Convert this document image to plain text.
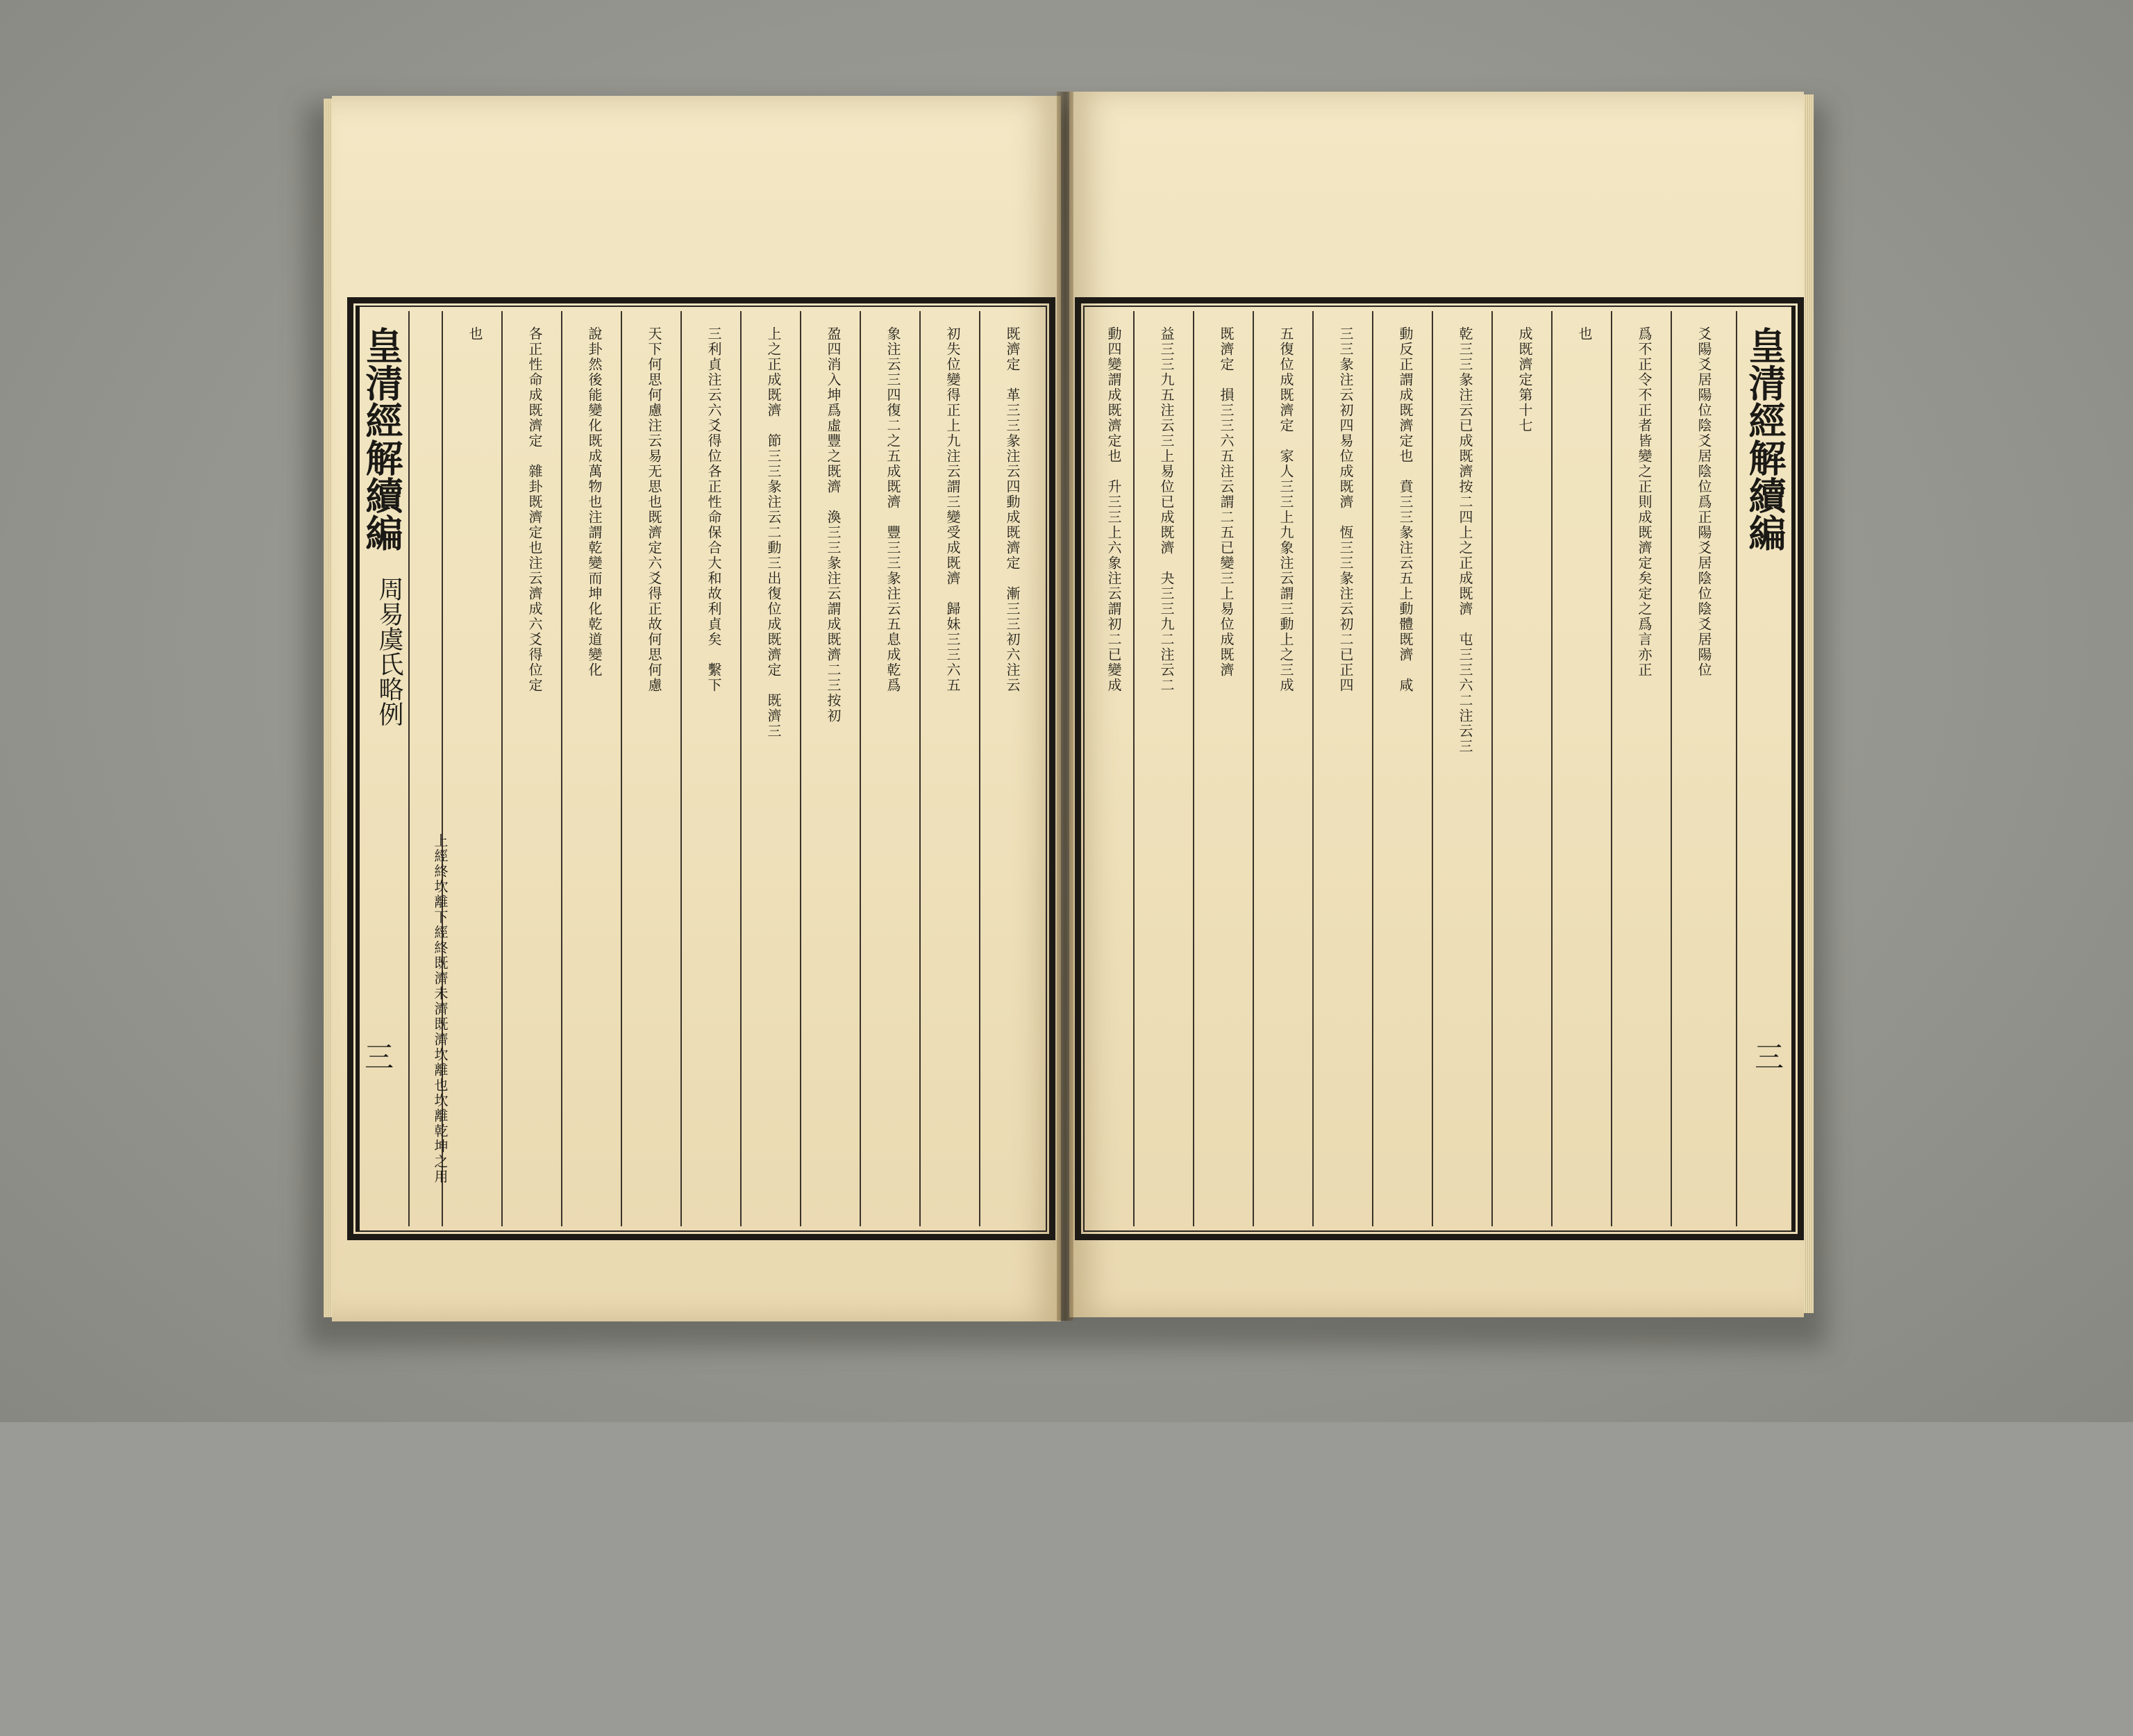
皇清經解續編
周易虞氏略例
三
既濟定　革三三彖注云四動成既濟定　漸三三初六注云
初失位變得正上九注云謂三變受成既濟　歸妹三三六五
象注云三四復二之五成既濟　豐三三彖注云五息成乾爲
盈四消入坤爲虛豐之既濟　渙三三彖注云謂成既濟二三按初
上之正成既濟　節三三彖注云二動三出復位成既濟定　既濟三
三利貞注云六爻得位各正性命保合大和故利貞矣　繫下
天下何思何慮注云易无思也既濟定六爻得正故何思何慮
說卦然後能變化既成萬物也注謂乾變而坤化乾道變化
各正性命成既濟定　雜卦既濟定也注云濟成六爻得位定
也
上經終坎離下經終既濟未濟既濟坎離也坎離乾坤之用
皇清經解續編
三
爻陽爻居陽位陰爻居陰位爲正陽爻居陰位陰爻居陽位
爲不正令不正者皆變之正則成既濟定矣定之爲言亦正
也
成既濟定第十七
乾三三彖注云已成既濟按二四上之正成既濟　屯三三六二注云三
動反正謂成既濟定也　賁三三彖注云五上動體既濟　咸
三三彖注云初四易位成既濟　恆三三彖注云初二已正四
五復位成既濟定　家人三三上九象注云謂三動上之三成
既濟定　損三三六五注云謂二五已變三上易位成既濟
益三三九五注云三上易位已成既濟　夬三三九二注云二
動四變謂成既濟定也　升三三上六象注云謂初二已變成
